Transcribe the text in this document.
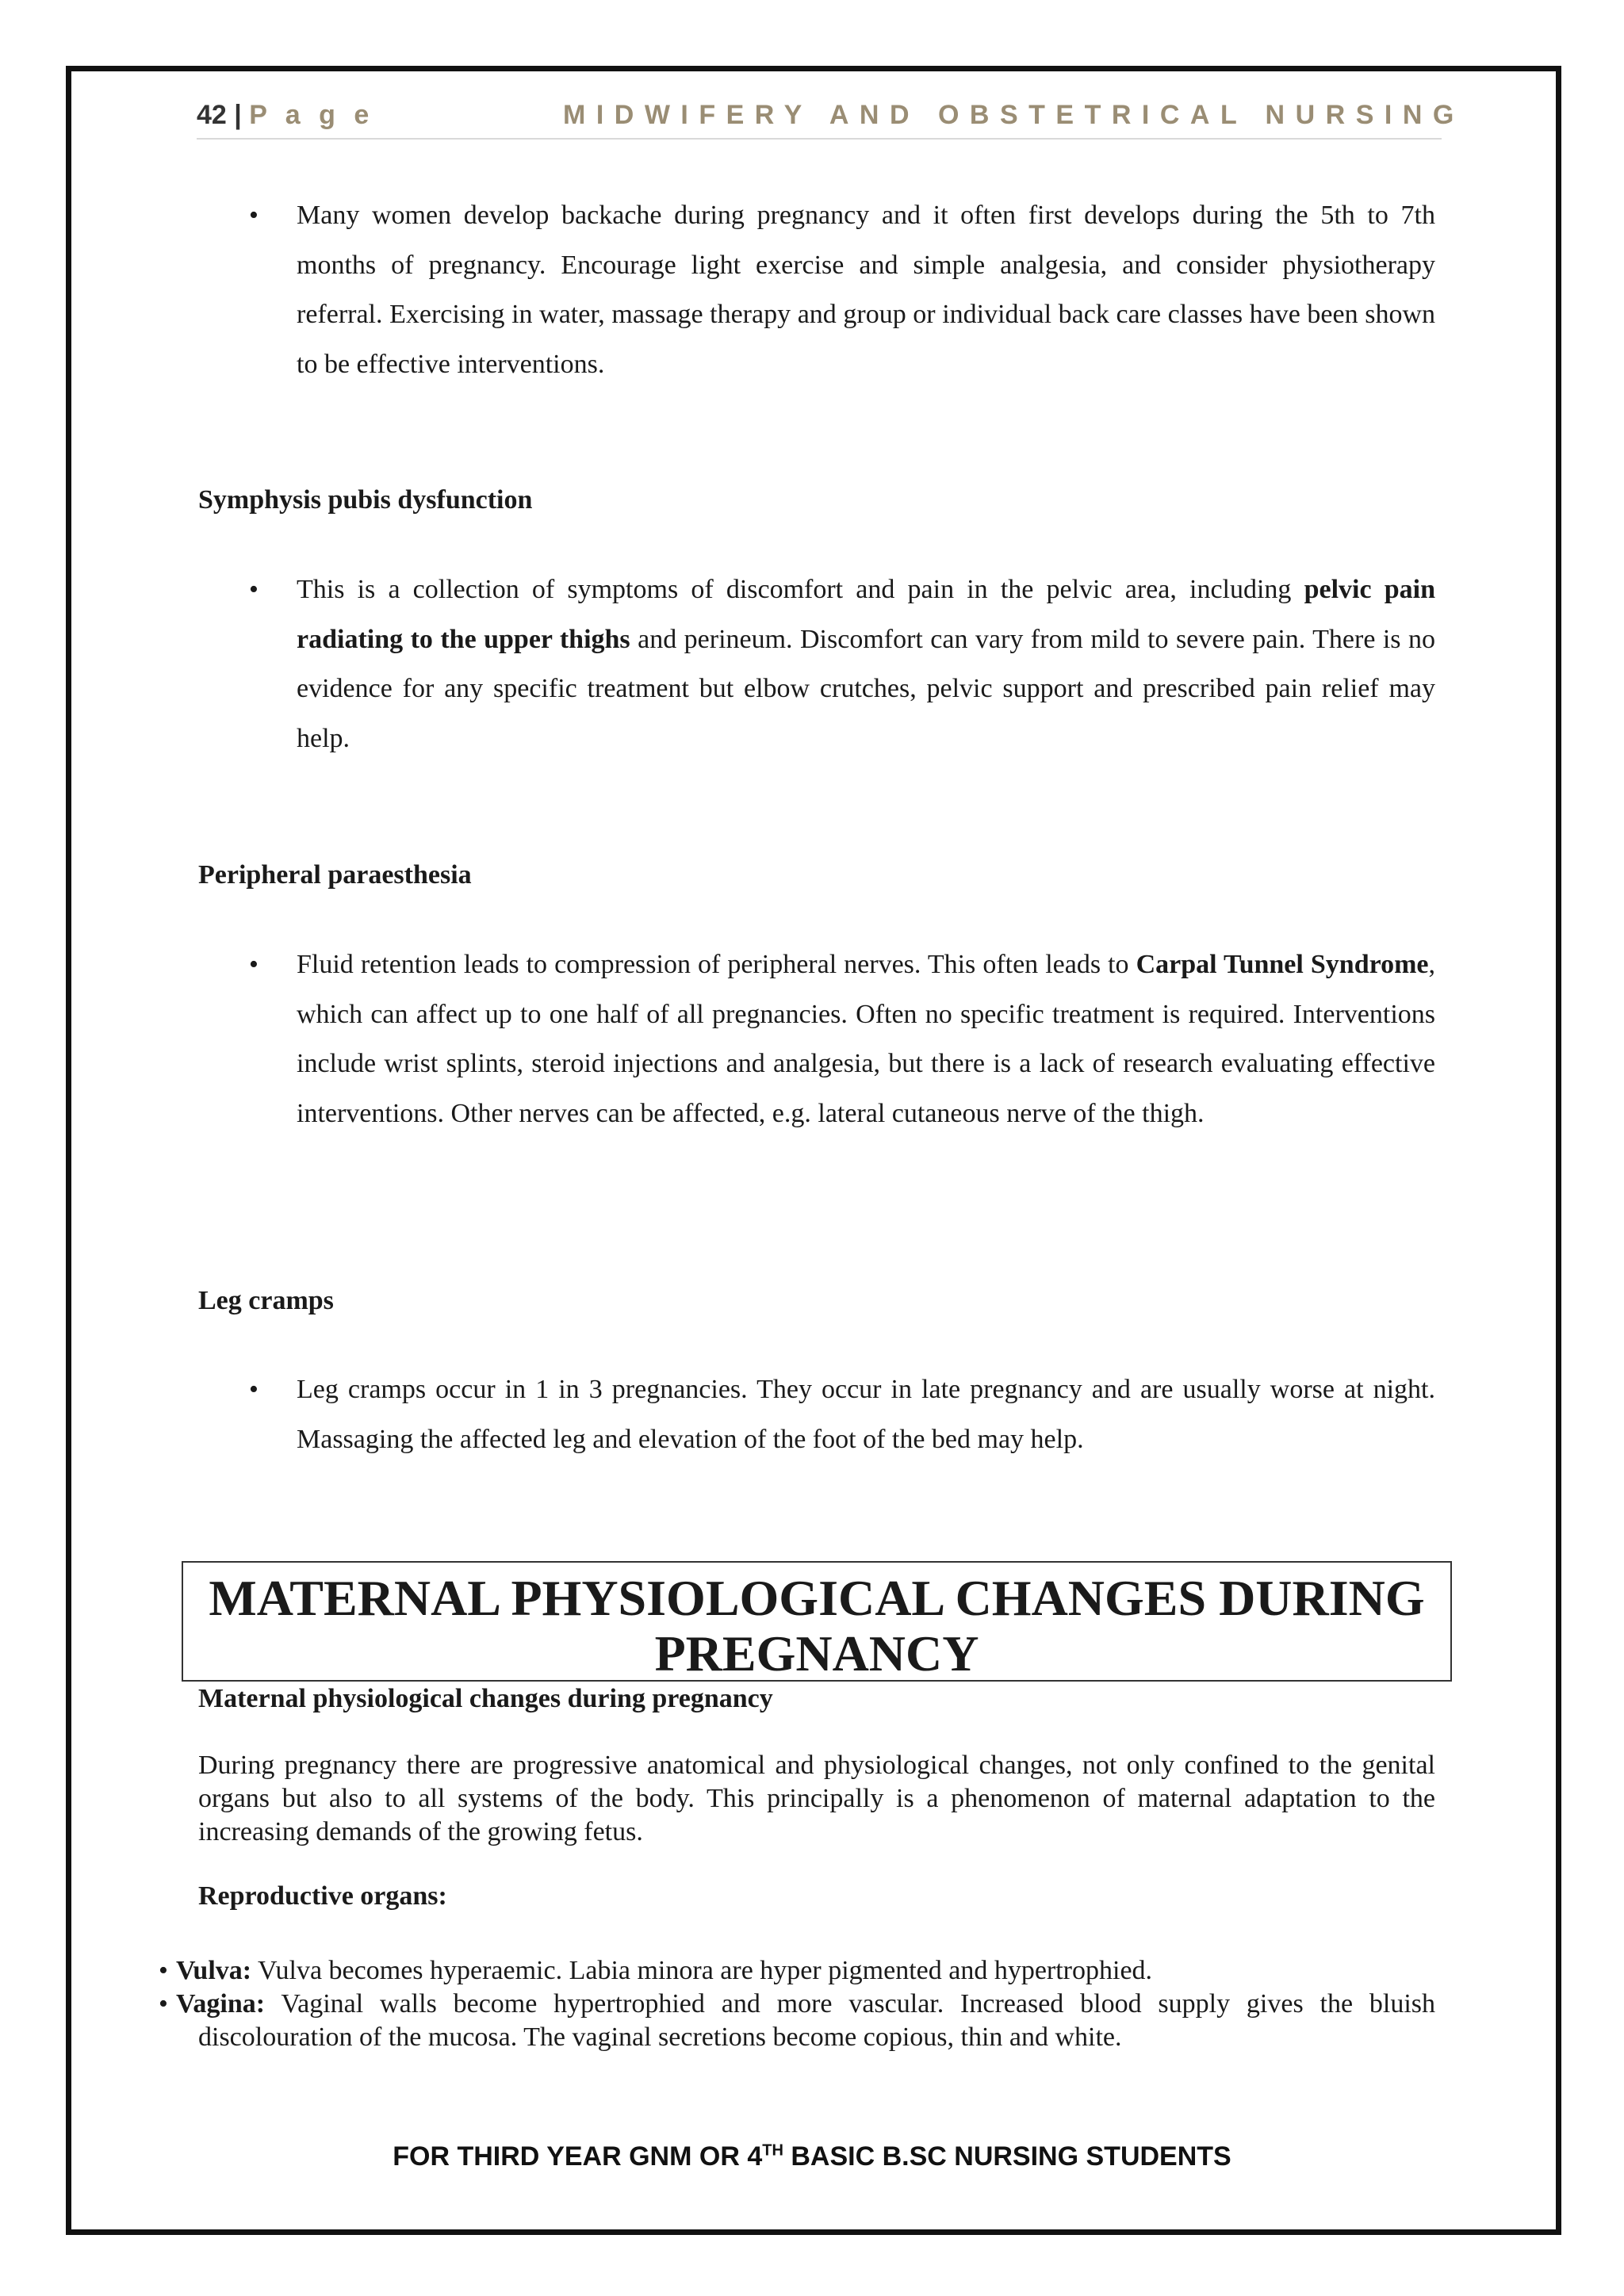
42 | P a g e	MIDWIFERY AND OBSTETRICAL NURSING
• Many women develop backache during pregnancy and it often first develops during the 5th to 7th months of pregnancy. Encourage light exercise and simple analgesia, and consider physiotherapy referral. Exercising in water, massage therapy and group or individual back care classes have been shown to be effective interventions.
Symphysis pubis dysfunction
• This is a collection of symptoms of discomfort and pain in the pelvic area, including pelvic pain radiating to the upper thighs and perineum. Discomfort can vary from mild to severe pain. There is no evidence for any specific treatment but elbow crutches, pelvic support and prescribed pain relief may help.
Peripheral paraesthesia
• Fluid retention leads to compression of peripheral nerves. This often leads to Carpal Tunnel Syndrome, which can affect up to one half of all pregnancies. Often no specific treatment is required. Interventions include wrist splints, steroid injections and analgesia, but there is a lack of research evaluating effective interventions. Other nerves can be affected, e.g. lateral cutaneous nerve of the thigh.
Leg cramps
• Leg cramps occur in 1 in 3 pregnancies. They occur in late pregnancy and are usually worse at night. Massaging the affected leg and elevation of the foot of the bed may help.
MATERNAL PHYSIOLOGICAL CHANGES DURING
PREGNANCY
Maternal physiological changes during pregnancy
During pregnancy there are progressive anatomical and physiological changes, not only confined to the genital organs but also to all systems of the body. This principally is a phenomenon of maternal adaptation to the increasing demands of the growing fetus.
Reproductive organs:
• Vulva: Vulva becomes hyperaemic. Labia minora are hyper pigmented and hypertrophied.
• Vagina: Vaginal walls become hypertrophied and more vascular. Increased blood supply gives the bluish discolouration of the mucosa. The vaginal secretions become copious, thin and white.
FOR THIRD YEAR GNM OR 4TH BASIC B.SC NURSING STUDENTS
